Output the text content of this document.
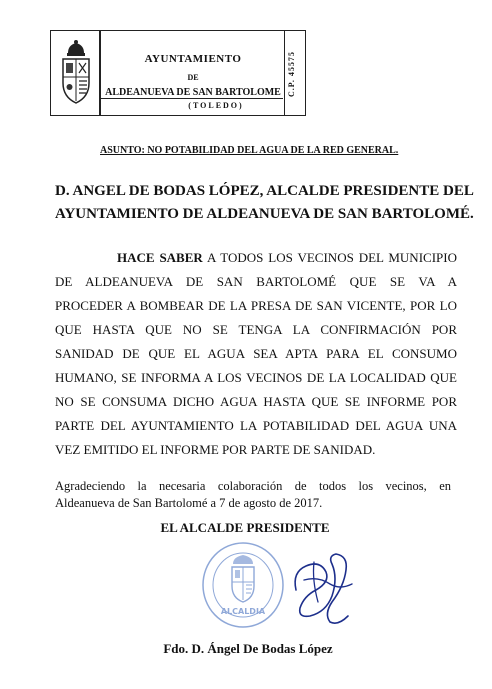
AYUNTAMIENTO
DE
ALDEANUEVA DE SAN BARTOLOME
(TOLEDO)
C.P. 45575
ASUNTO: NO POTABILIDAD DEL AGUA DE LA RED GENERAL.
D. ANGEL DE BODAS LÓPEZ, ALCALDE PRESIDENTE DEL
AYUNTAMIENTO DE ALDEANUEVA DE SAN BARTOLOMÉ.
HACE SABER A TODOS LOS VECINOS DEL MUNICIPIO
DE ALDEANUEVA DE SAN BARTOLOMÉ QUE SE VA A
PROCEDER A BOMBEAR DE LA PRESA DE SAN VICENTE, POR LO
QUE HASTA QUE NO SE TENGA LA CONFIRMACIÓN POR
SANIDAD DE QUE EL AGUA SEA APTA PARA EL CONSUMO
HUMANO, SE INFORMA A LOS VECINOS DE LA LOCALIDAD QUE
NO SE CONSUMA DICHO AGUA HASTA QUE SE INFORME POR
PARTE DEL AYUNTAMIENTO LA POTABILIDAD DEL AGUA UNA
VEZ EMITIDO EL INFORME POR PARTE DE SANIDAD.
Agradeciendo la necesaria colaboración de todos los vecinos, en
Aldeanueva de San Bartolomé a 7 de agosto de 2017.
EL ALCALDE PRESIDENTE
ALCALDIA
Fdo. D. Ángel De Bodas López
